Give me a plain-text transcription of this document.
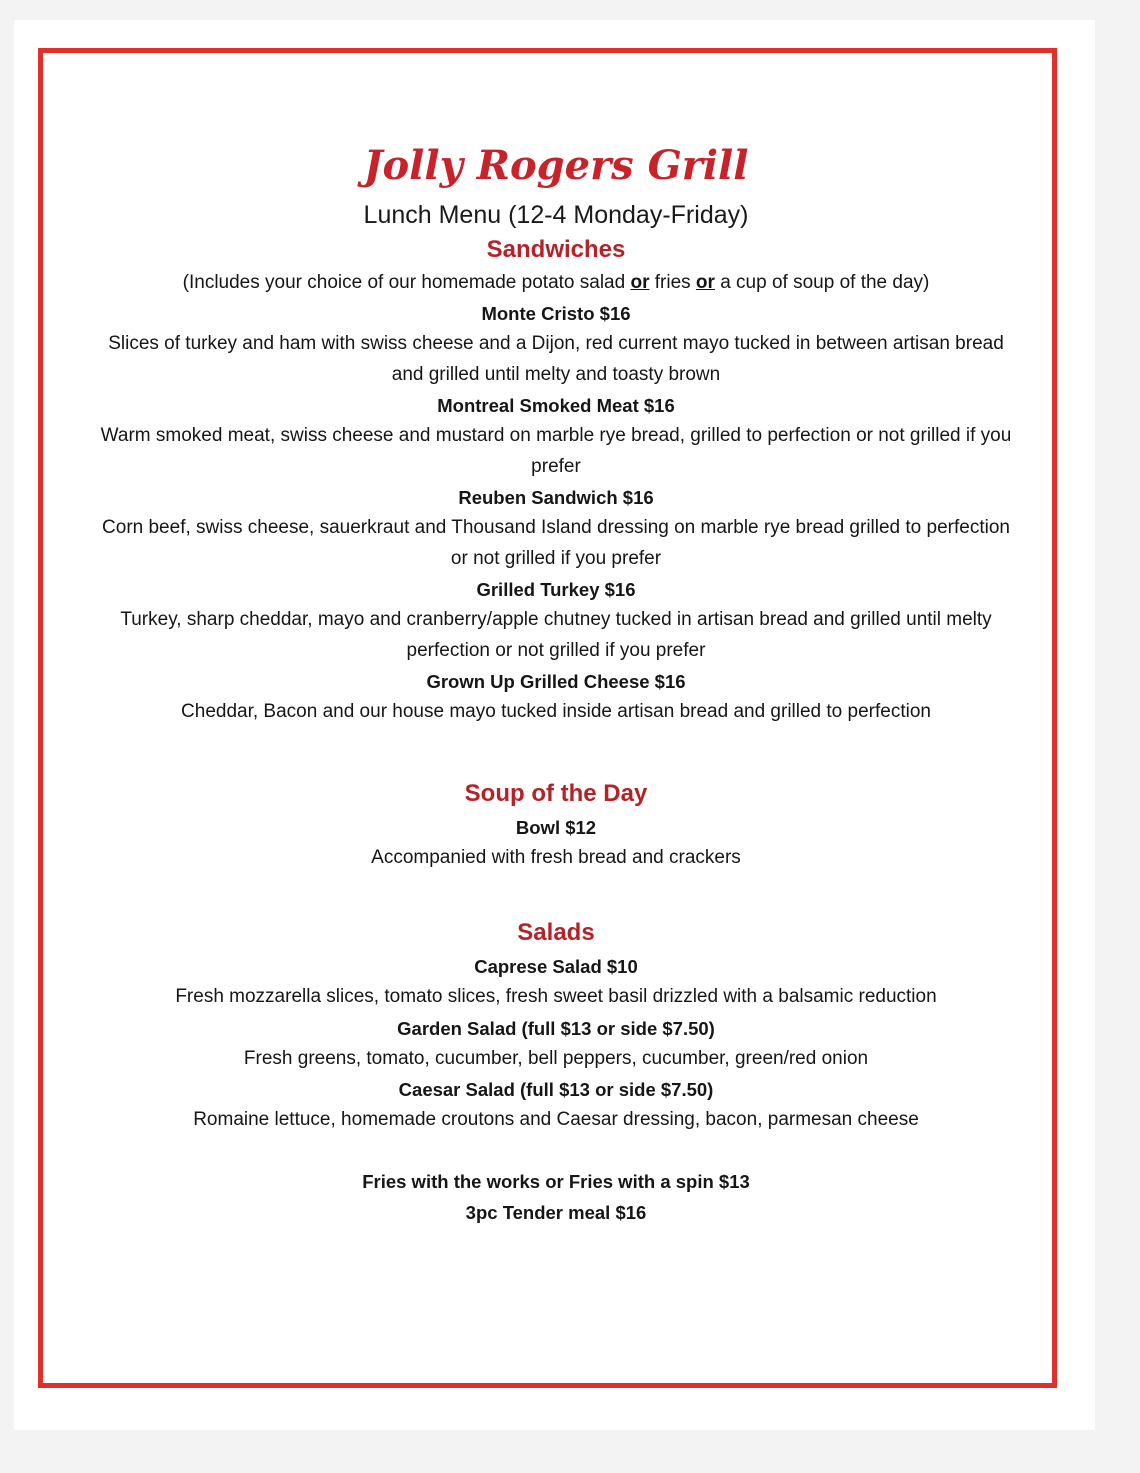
Jolly Rogers Grill

Lunch Menu (12-4 Monday-Friday)

Sandwiches

(Includes your choice of our homemade potato salad or fries or a cup of soup of the day)

Monte Cristo $16

Slices of turkey and ham with swiss cheese and a Dijon, red current mayo tucked in between artisan bread and grilled until melty and toasty brown

Montreal Smoked Meat $16

Warm smoked meat, swiss cheese and mustard on marble rye bread, grilled to perfection or not grilled if you prefer

Reuben Sandwich $16

Corn beef, swiss cheese, sauerkraut and Thousand Island dressing on marble rye bread grilled to perfection or not grilled if you prefer

Grilled Turkey $16

Turkey, sharp cheddar, mayo and cranberry/apple chutney tucked in artisan bread and grilled until melty perfection or not grilled if you prefer

Grown Up Grilled Cheese $16

Cheddar, Bacon and our house mayo tucked inside artisan bread and grilled to perfection

Soup of the Day

Bowl $12

Accompanied with fresh bread and crackers

Salads

Caprese Salad $10

Fresh mozzarella slices, tomato slices, fresh sweet basil drizzled with a balsamic reduction

Garden Salad (full $13 or side $7.50)

Fresh greens, tomato, cucumber, bell peppers, cucumber, green/red onion

Caesar Salad (full $13 or side $7.50)

Romaine lettuce, homemade croutons and Caesar dressing, bacon, parmesan cheese

Fries with the works or Fries with a spin $13

3pc Tender meal $16
